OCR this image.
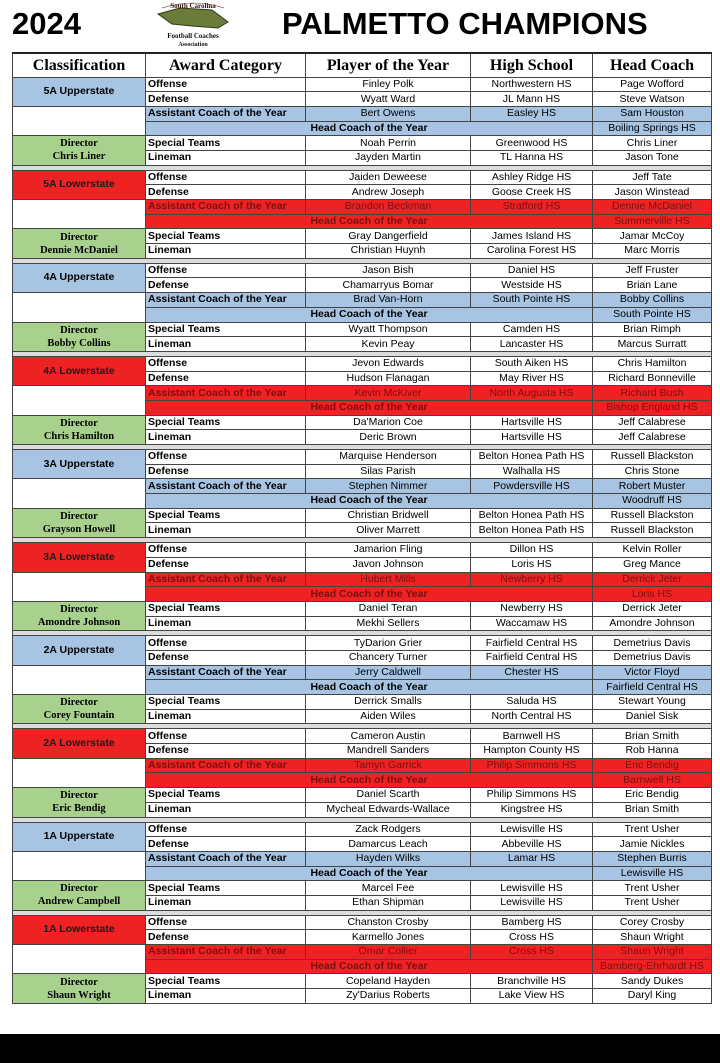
2024	South Carolina
Football Coaches
Association
PALMETTO CHAMPIONS
Classification	Award Category	Player of the Year	High School	Head Coach	
5A Upperstate	Offense	Finley Polk	Northwestern HS	Page Wofford	
	Defense	Wyatt Ward	JL Mann HS	Steve Watson	
	Assistant Coach of the Year	Bert Owens	Easley HS	Sam Houston	
	Head Coach of the Year			Boiling Springs HS	

Director
Chris Liner	Special Teams	Noah Perrin	Greenwood HS	Chris Liner	
	Lineman	Jayden Martin	TL Hanna HS	Jason Tone	

5A Lowerstate	Offense	Jaiden Deweese	Ashley Ridge HS	Jeff Tate	
	Defense	Andrew Joseph	Goose Creek HS	Jason Winstead	
	Assistant Coach of the Year	Brandon Beckman	Stratford HS	Dennie McDaniel	
	Head Coach of the Year			Summerville HS	

Director
Dennie McDaniel	Special Teams	Gray Dangerfield	James Island HS	Jamar McCoy	
	Lineman	Christian Huynh	Carolina Forest HS	Marc Morris	

4A Upperstate	Offense	Jason Bish	Daniel HS	Jeff Fruster	
	Defense	Chamarryus Bomar	Westside HS	Brian Lane	
	Assistant Coach of the Year	Brad Van-Horn	South Pointe HS	Bobby Collins	
	Head Coach of the Year			South Pointe HS	

Director
Bobby Collins	Special Teams	Wyatt Thompson	Camden HS	Brian Rimph	
	Lineman	Kevin Peay	Lancaster HS	Marcus Surratt	

4A Lowerstate	Offense	Jevon Edwards	South Aiken HS	Chris Hamilton	
	Defense	Hudson Flanagan	May River HS	Richard Bonneville	
	Assistant Coach of the Year	Kevin McKiver	North Augusta HS	Richard Bush	
	Head Coach of the Year			Bishop England HS	

Director
Chris Hamilton	Special Teams	Da'Marion Coe	Hartsville HS	Jeff Calabrese	
	Lineman	Deric Brown	Hartsville HS	Jeff Calabrese	

3A Upperstate	Offense	Marquise Henderson	Belton Honea Path HS	Russell Blackston	
	Defense	Silas Parish	Walhalla HS	Chris Stone	
	Assistant Coach of the Year	Stephen Nimmer	Powdersville HS	Robert Muster	
	Head Coach of the Year			Woodruff HS	

Director
Grayson Howell	Special Teams	Christian Bridwell	Belton Honea Path HS	Russell Blackston	
	Lineman	Oliver Marrett	Belton Honea Path HS	Russell Blackston	

3A Lowerstate	Offense	Jamarion Fling	Dillon HS	Kelvin Roller	
	Defense	Javon Johnson	Loris HS	Greg Mance	
	Assistant Coach of the Year	Hubert Mills	Newberry HS	Derrick Jeter	
	Head Coach of the Year			Loris HS	

Director
Amondre Johnson	Special Teams	Daniel Teran	Newberry HS	Derrick Jeter	
	Lineman	Mekhi Sellers	Waccamaw HS	Amondre Johnson	

2A Upperstate	Offense	TyDarion Grier	Fairfield Central HS	Demetrius Davis	
	Defense	Chancery Turner	Fairfield Central HS	Demetrius Davis	
	Assistant Coach of the Year	Jerry Caldwell	Chester HS	Victor Floyd	
	Head Coach of the Year			Fairfield Central HS	

Director
Corey Fountain	Special Teams	Derrick Smalls	Saluda HS	Stewart Young	
	Lineman	Aiden Wiles	North Central HS	Daniel Sisk	

2A Lowerstate	Offense	Cameron Austin	Barnwell HS	Brian Smith	
	Defense	Mandrell Sanders	Hampton County HS	Rob Hanna	
	Assistant Coach of the Year	Tamyn Garrick	Philip Simmons HS	Eric Bendig	
	Head Coach of the Year			Barnwell HS	

Director
Eric Bendig	Special Teams	Daniel Scarth	Philip Simmons HS	Eric Bendig	
	Lineman	Mycheal Edwards-Wallace	Kingstree HS	Brian Smith	

1A Upperstate	Offense	Zack Rodgers	Lewisville HS	Trent Usher	
	Defense	Damarcus Leach	Abbeville HS	Jamie Nickles	
	Assistant Coach of the Year	Hayden Wilks	Lamar HS	Stephen Burris	
	Head Coach of the Year			Lewisville HS	

Director
Andrew Campbell	Special Teams	Marcel Fee	Lewisville HS	Trent Usher	
	Lineman	Ethan Shipman	Lewisville HS	Trent Usher	

1A Lowerstate	Offense	Chanston Crosby	Bamberg HS	Corey Crosby	
	Defense	Karmello Jones	Cross HS	Shaun Wright	
	Assistant Coach of the Year	Omar Collier	Cross HS	Shaun Wright	
	Head Coach of the Year			Bamberg-Ehrhardt HS	

Director
Shaun Wright	Special Teams	Copeland Hayden	Branchville HS	Sandy Dukes	
	Lineman	Zy'Darius Roberts	Lake View HS	Daryl King	
